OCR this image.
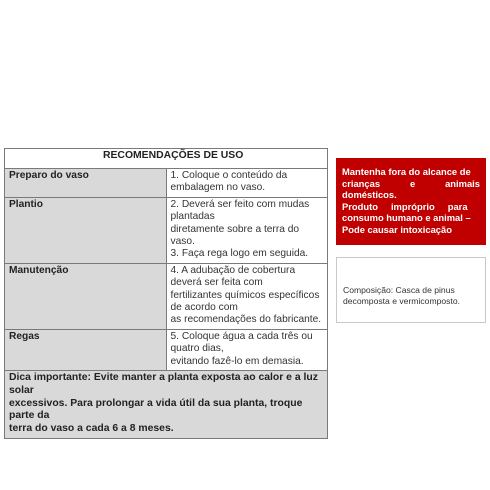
RECOMENDAÇÕES DE USO	
Preparo do vaso	1. Coloque o conteúdo da embalagem no vaso.

Plantio	2. Deverá ser feito com mudas plantadas
diretamente sobre a terra do vaso.
3. Faça rega logo em seguida.

Manutenção	4. A adubação de cobertura deverá ser feita com
fertilizantes químicos específicos de acordo com
as recomendações do fabricante.

Regas	5. Coloque água a cada três ou quatro dias,
evitando fazê-lo em demasia.

Dica importante: Evite manter a planta exposta ao calor e a luz solar
excessivos. Para prolongar a vida útil da sua planta, troque parte da
terra do vaso a cada 6 a 8 meses.	
Mantenha fora do alcance de
crianças e animais domésticos.
Produto     impróprio     para
consumo humano e animal –
Pode causar intoxicação
Composição: Casca de pinus
decomposta e vermicomposto.
